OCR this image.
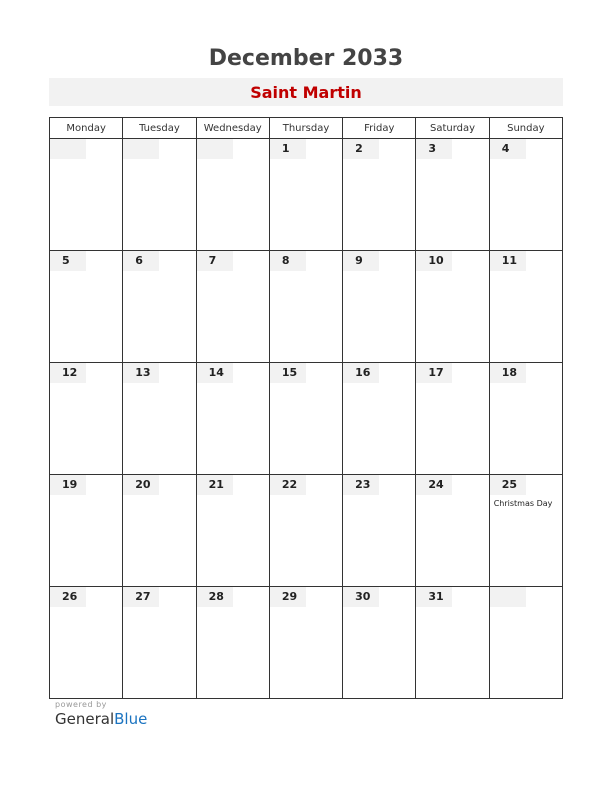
December 2033
Saint Martin
Monday	Tuesday	Wednesday	Thursday	Friday	Saturday	Sunday

			1	2	3	4

5	6	7	8	9	10	11

12	13	14	15	16	17	18

19	20	21	22	23	24	25
Christmas Day

26	27	28	29	30	31	

powered by
GeneralBlue
